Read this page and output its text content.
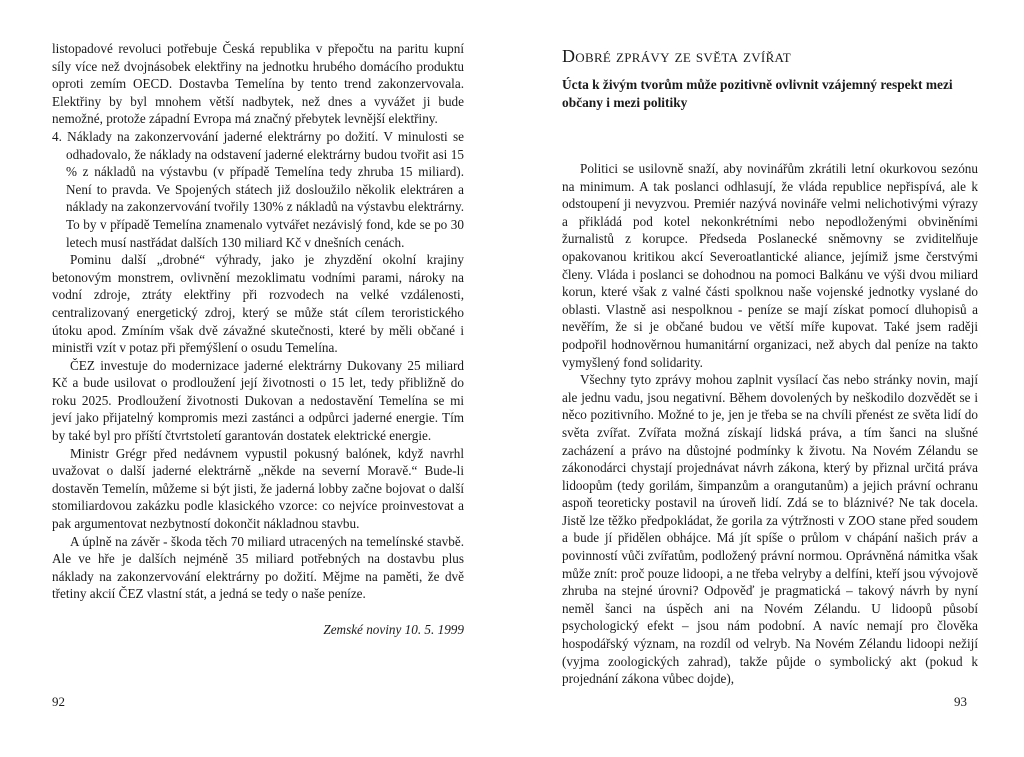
listopadové revoluci potřebuje Česká republika v přepočtu na paritu kupní síly více než dvojnásobek elektřiny na jednotku hrubého domácího produktu oproti zemím OECD. Dostavba Temelína by tento trend zakonzervovala. Elektřiny by byl mnohem větší nadbytek, než dnes a vyvážet ji bude nemožné, protože západní Evropa má značný přebytek levnější elektřiny.

4. Náklady na zakonzervování jaderné elektrárny po dožití. V minulosti se odhadovalo, že náklady na odstavení jaderné elektrárny budou tvořit asi 15 % z nákladů na výstavbu (v případě Temelína tedy zhruba 15 miliard). Není to pravda. Ve Spojených státech již dosloužilo několik elektráren a náklady na zakonzervování tvořily 130% z nákladů na výstavbu elektrárny. To by v případě Temelína znamenalo vytvářet nezávislý fond, kde se po 30 letech musí nastřádat dalších 130 miliard Kč v dnešních cenách.

Pominu další „drobné“ výhrady, jako je zhyzdění okolní krajiny betonovým monstrem, ovlivnění mezoklimatu vodními parami, nároky na vodní zdroje, ztráty elektřiny při rozvodech na velké vzdálenosti, centralizovaný energetický zdroj, který se může stát cílem teroristického útoku apod. Zmíním však dvě závažné skutečnosti, které by měli občané i ministři vzít v potaz při přemýšlení o osudu Temelína.

ČEZ investuje do modernizace jaderné elektrárny Dukovany 25 miliard Kč a bude usilovat o prodloužení její životnosti o 15 let, tedy přibližně do roku 2025. Prodloužení životnosti Dukovan a nedostavění Temelína se mi jeví jako přijatelný kompromis mezi zastánci a odpůrci jaderné energie. Tím by také byl pro příští čtvrtstoletí garantován dostatek elektrické energie.

Ministr Grégr před nedávnem vypustil pokusný balónek, když navrhl uvažovat o další jaderné elektrárně „někde na severní Moravě.“ Bude-li dostavěn Temelín, můžeme si být jisti, že jaderná lobby začne bojovat o další stomiliardovou zakázku podle klasického vzorce: co nejvíce proinvestovat a pak argumentovat nezbytností dokončit nákladnou stavbu.

A úplně na závěr - škoda těch 70 miliard utracených na temelínské stavbě. Ale ve hře je dalších nejméně 35 miliard potřebných na dostavbu plus náklady na zakonzervování elektrárny po dožití. Mějme na paměti, že dvě třetiny akcií ČEZ vlastní stát, a jedná se tedy o naše peníze.

Zemské noviny 10. 5. 1999

92
Dobré zprávy ze světa zvířat
Úcta k živým tvorům může pozitivně ovlivnit vzájemný respekt mezi občany i mezi politiky

Politici se usilovně snaží, aby novinářům zkrátili letní okurkovou sezónu na minimum. A tak poslanci odhlasují, že vláda republice nepřispívá, ale k odstoupení ji nevyzvou. Premiér nazývá novináře velmi nelichotivými výrazy a přikládá pod kotel nekonkrétními nebo nepodloženými obviněními žurnalistů z korupce. Předseda Poslanecké sněmovny se zviditelňuje opakovanou kritikou akcí Severoatlantické aliance, jejímiž jsme čerstvými členy. Vláda i poslanci se dohodnou na pomoci Balkánu ve výši dvou miliard korun, které však z valné části spolknou naše vojenské jednotky vyslané do oblasti. Vlastně asi nespolknou - peníze se mají získat pomocí dluhopisů a nevěřím, že si je občané budou ve větší míře kupovat. Také jsem raději podpořil hodnověrnou humanitární organizaci, než abych dal peníze na takto vymyšlený fond solidarity.

Všechny tyto zprávy mohou zaplnit vysílací čas nebo stránky novin, mají ale jednu vadu, jsou negativní. Během dovolených by neškodilo dozvědět se i něco pozitivního. Možné to je, jen je třeba se na chvíli přenést ze světa lidí do světa zvířat. Zvířata možná získají lidská práva, a tím šanci na slušné zacházení a právo na důstojné podmínky k životu. Na Novém Zélandu se zákonodárci chystají projednávat návrh zákona, který by přiznal určitá práva lidoopům (tedy gorilám, šimpanzům a orangutanům) a jejich právní ochranu aspoň teoreticky postavil na úroveň lidí. Zdá se to bláznivé? Ne tak docela. Jistě lze těžko předpokládat, že gorila za výtržnosti v ZOO stane před soudem a bude jí přidělen obhájce. Má jít spíše o průlom v chápání našich práv a povinností vůči zvířatům, podložený právní normou. Oprávněná námitka však může znít: proč pouze lidoopi, a ne třeba velryby a delfíni, kteří jsou vývojově zhruba na stejné úrovni? Odpověď je pragmatická – takový návrh by nyní neměl šanci na úspěch ani na Novém Zélandu. U lidoopů působí psychologický efekt – jsou nám podobní. A navíc nemají pro člověka hospodářský význam, na rozdíl od velryb. Na Novém Zélandu lidoopi nežijí (vyjma zoologických zahrad), takže půjde o symbolický akt (pokud k projednání zákona vůbec dojde),

93
